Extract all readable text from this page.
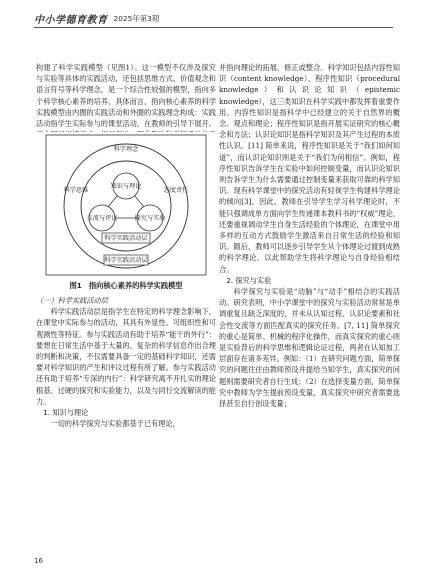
中小学德育教育 2025年第3期

构建了科学实践模型（见图1）。这一模型不仅涉及探究与实验等具体的实践活动，还包括思维方式、价值观念和语言符号等科学理念，是一个综合性较强的模型，指向多个科学核心素养的培养。具体而言，指向核心素养的科学实践模型由内圈的实践活动和外圈的实践理念构成：实践活动指学生实际参与的课堂活动，在教师的引导下展开。

科学理念
科学思维	态度责任
知识与理论
交流与评议	探究与实验
科学实践活动层
科学实践活动层
图1　指向核心素养的科学实践模型

（一）科学实践活动层

科学实践活动层是指学生在特定的科学理念影响下，在课堂中实际参与的活动，其具有外显性、可组织性和可观测性等特征。参与实践活动有助于培养“能干的外行”：要想在日常生活中基于大量的、复杂的科学信息作出合理的判断和决策，不仅需要具备一定的基础科学知识，还需要对科学知识的产生和评议过程有所了解。参与实践活动还有助于培养“专深的内行”：科学研究离不开扎实的理论根基、过硬的探究和实验能力，以及与同行交流解读的能力。

1. 知识与理论

一切的科学探究与实验都基于已有理论，

并指向理论的拓展、修正或整合。科学知识包括内容性知识（content knowledge）、程序性知识（procedural knowledge）和认识论知识（epistemic knowledge），这三类知识在科学实践中都发挥着重要作用。内容性知识是指科学中已经建立的关于自然界的概念、观点和理论；程序性知识是指开展实证研究的核心概念和方法；认识论知识是指科学知识及其产生过程的本质性认识。[11] 简单来说，程序性知识是关于“我们如何知道”，而认识论知识则是关于“我们为何相信”。例如，程序性知识告诉学生在实验中如何控制变量，而认识论知识则告诉学生为什么需要通过控制变量来获取可靠的科学知识。现有科学课堂中的探究活动有轻视学生构建科学理论的倾向[3]，因此，教师在引导学生学习科学理论时，不能只强调成单方面向学生传递课本教科书的“权威”理论，还要重视调动学生自身生活经验的个体理论，在课堂中用多样的互动方式鼓励学生激活来自日常生活的经验和知识。随后，教师可以逐步引导学生从个体理论过渡到成熟的科学理论，以此帮助学生将科学理论与自身经验相结合。

2. 探究与实验

科学探究与实验是“动脑”与“动手”相结合的实践活动。研究表明，中小学课堂中的探究与实验活动常常是单调重复且缺乏深度的，并未从认知过程、认识论要素和社会性交流等方面匹配真实的探究任务。[7, 11] 简单探究的重心是简单、机械的程序化操作，而真实探究的重心则是实验背后的科学思维和逻辑论证过程，两者在认知加工层面存在诸多差异。例如：（1）在研究问题方面，简单探究的问题往往由教师预设并提给当知学生，真实探究的问题则需要研究者自行生成；（2）在选择变量方面，简单探究中教师为学生提前预设变量，真实探究中研究者需要选择甚至自行创设变量；

16
